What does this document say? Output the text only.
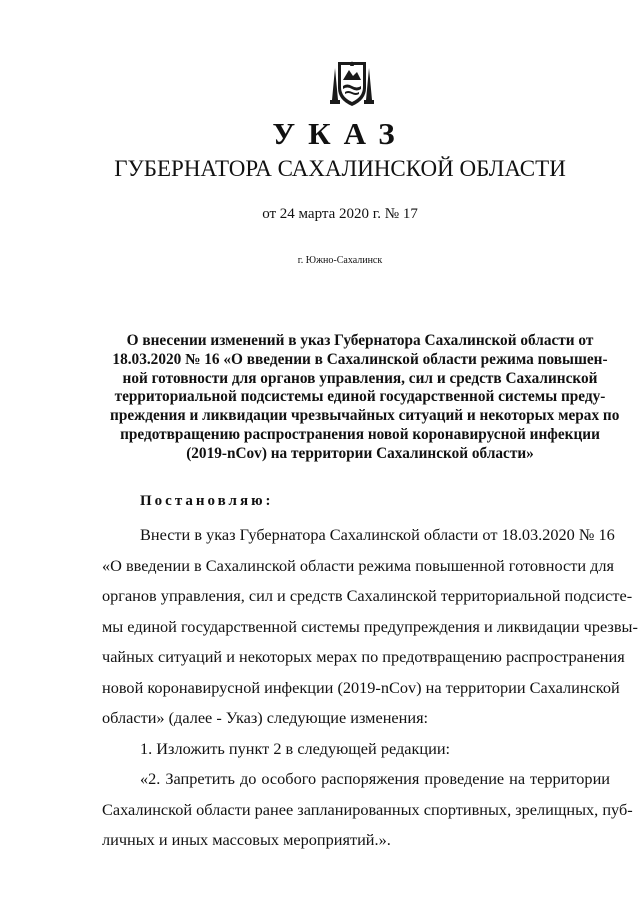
УКАЗ
ГУБЕРНАТОРА САХАЛИНСКОЙ ОБЛАСТИ
от 24 марта 2020 г. № 17
г. Южно-Сахалинск
О внесении изменений в указ Губернатора Сахалинской области от
18.03.2020 № 16 «О введении в Сахалинской области режима повышен-
ной готовности для органов управления, сил и средств Сахалинской
территориальной подсистемы единой государственной системы преду-
преждения и ликвидации чрезвычайных ситуаций и некоторых мерах по
предотвращению распространения новой коронавирусной инфекции
(2019-nCov) на территории Сахалинской области»
Постановляю:
Внести в указ Губернатора Сахалинской области от 18.03.2020 № 16
«О введении в Сахалинской области режима повышенной готовности для
органов управления, сил и средств Сахалинской территориальной подсисте-
мы единой государственной системы предупреждения и ликвидации чрезвы-
чайных ситуаций и некоторых мерах по предотвращению распространения
новой коронавирусной инфекции (2019-nCov) на территории Сахалинской
области» (далее - Указ) следующие изменения:
1. Изложить пункт 2 в следующей редакции:
«2. Запретить до особого распоряжения проведение на территории
Сахалинской области ранее запланированных спортивных, зрелищных, пуб-
личных и иных массовых мероприятий.».
